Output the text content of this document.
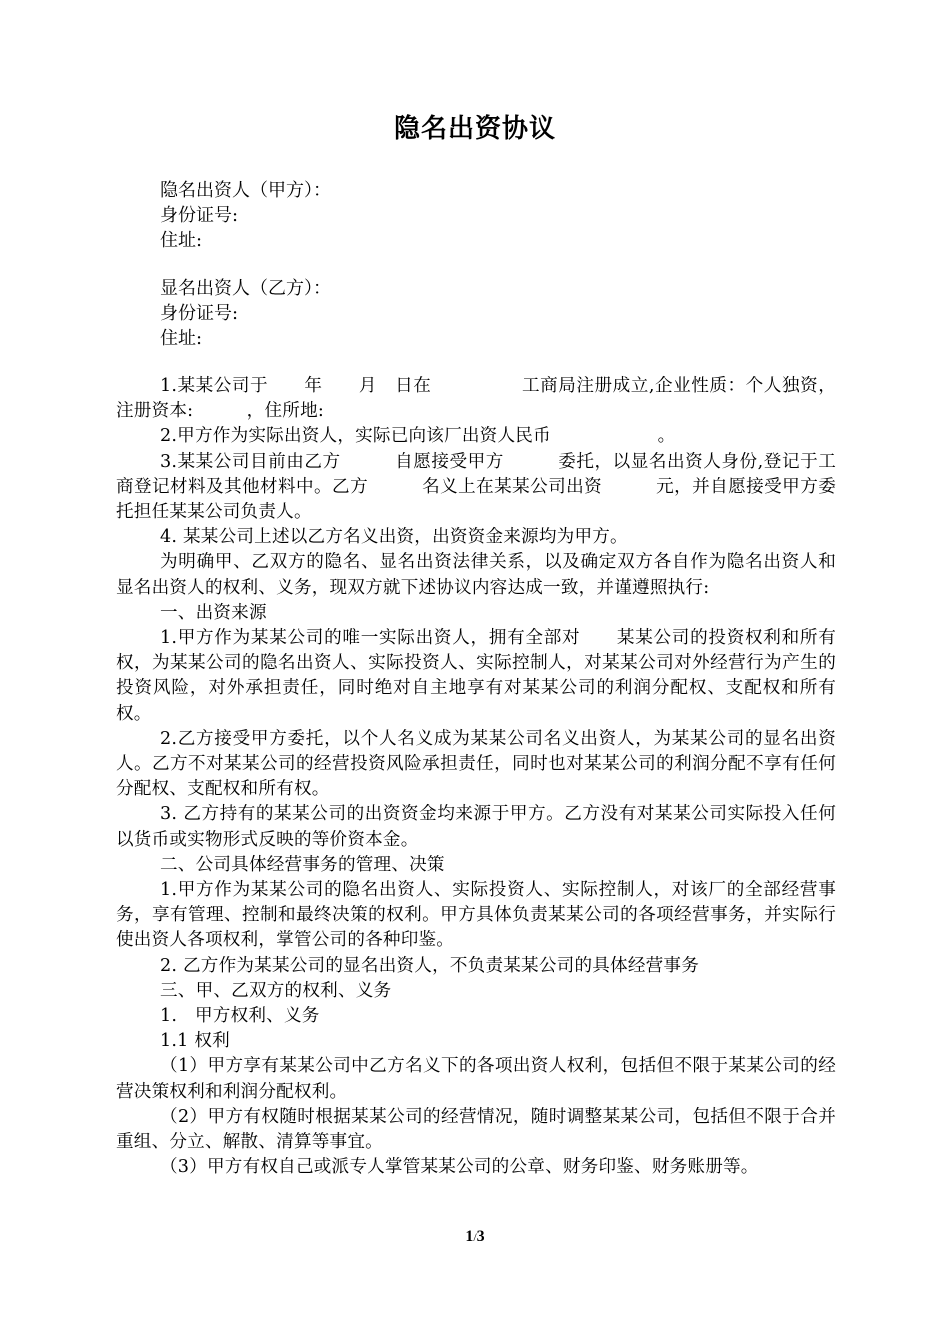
隐名出资协议
隐名出资人（甲方）：
身份证号:
住址:
显名出资人（乙方）：
身份证号:
住址:

1.某某公司于　　年　　月　日在　　　　　工商局注册成立,企业性质：个人独资，注册资本:　　　，住所地:

2.甲方作为实际出资人，实际已向该厂出资人民币　　　　　　。

3.某某公司目前由乙方　　　自愿接受甲方　　　委托，以显名出资人身份,登记于工商登记材料及其他材料中。乙方　　　名义上在某某公司出资　　　元，并自愿接受甲方委托担任某某公司负责人。

4. 某某公司上述以乙方名义出资，出资资金来源均为甲方。

为明确甲、乙双方的隐名、显名出资法律关系，以及确定双方各自作为隐名出资人和显名出资人的权利、义务，现双方就下述协议内容达成一致，并谨遵照执行:

一、出资来源

1.甲方作为某某公司的唯一实际出资人，拥有全部对　　某某公司的投资权利和所有权，为某某公司的隐名出资人、实际投资人、实际控制人，对某某公司对外经营行为产生的投资风险，对外承担责任，同时绝对自主地享有对某某公司的利润分配权、支配权和所有权。

2.乙方接受甲方委托，以个人名义成为某某公司名义出资人，为某某公司的显名出资人。乙方不对某某公司的经营投资风险承担责任，同时也对某某公司的利润分配不享有任何分配权、支配权和所有权。

3. 乙方持有的某某公司的出资资金均来源于甲方。乙方没有对某某公司实际投入任何以货币或实物形式反映的等价资本金。

二、公司具体经营事务的管理、决策

1.甲方作为某某公司的隐名出资人、实际投资人、实际控制人，对该厂的全部经营事务，享有管理、控制和最终决策的权利。甲方具体负责某某公司的各项经营事务，并实际行使出资人各项权利，掌管公司的各种印鉴。

2. 乙方作为某某公司的显名出资人，不负责某某公司的具体经营事务

三、甲、乙双方的权利、义务

1.　甲方权利、义务

1.1 权利

（1）甲方享有某某公司中乙方名义下的各项出资人权利，包括但不限于某某公司的经营决策权利和利润分配权利。

（2）甲方有权随时根据某某公司的经营情况，随时调整某某公司，包括但不限于合并重组、分立、解散、清算等事宜。

（3）甲方有权自己或派专人掌管某某公司的公章、财务印鉴、财务账册等。

1/3
